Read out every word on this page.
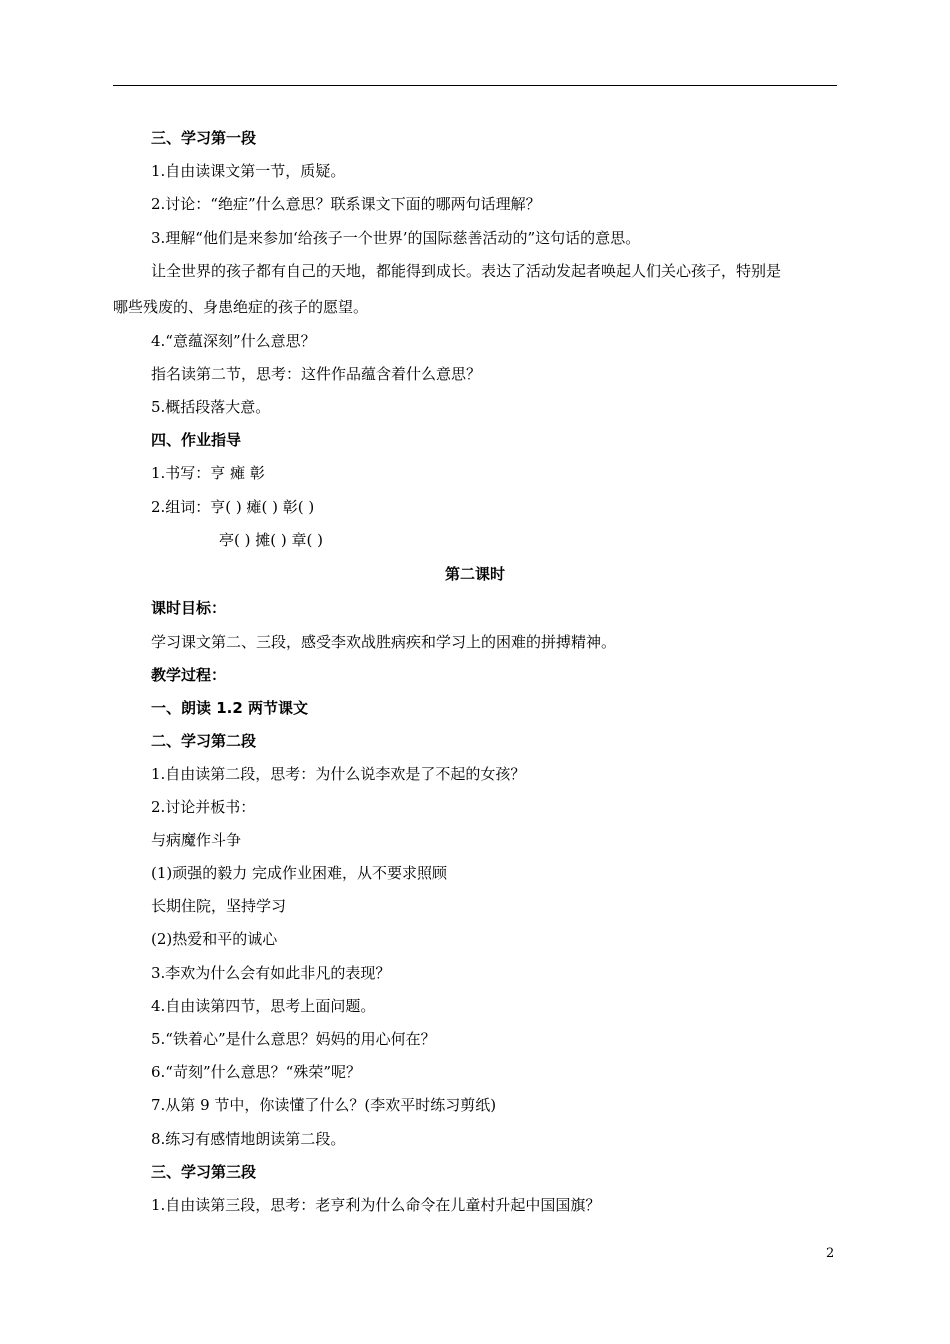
三、学习第一段
1.自由读课文第一节，质疑。
2.讨论：“绝症”什么意思？联系课文下面的哪两句话理解？
3.理解“他们是来参加‘给孩子一个世界’的国际慈善活动的”这句话的意思。
让全世界的孩子都有自己的天地，都能得到成长。表达了活动发起者唤起人们关心孩子，特别是
哪些残废的、身患绝症的孩子的愿望。
4.“意蕴深刻”什么意思？
指名读第二节，思考：这件作品蕴含着什么意思？
5.概括段落大意。
四、作业指导
1.书写：亨 瘫 彰
2.组词：亨( ) 瘫( ) 彰( )
亭( ) 摊( ) 章( )
第二课时
课时目标：
学习课文第二、三段，感受李欢战胜病疾和学习上的困难的拼搏精神。
教学过程：
一、朗读 1.2 两节课文
二、学习第二段
1.自由读第二段，思考：为什么说李欢是了不起的女孩？
2.讨论并板书：
与病魔作斗争
(1)顽强的毅力 完成作业困难，从不要求照顾
长期住院，坚持学习
(2)热爱和平的诚心
3.李欢为什么会有如此非凡的表现？
4.自由读第四节，思考上面问题。
5.“铁着心”是什么意思？妈妈的用心何在？
6.“苛刻”什么意思？“殊荣”呢？
7.从第 9 节中，你读懂了什么？(李欢平时练习剪纸)
8.练习有感情地朗读第二段。
三、学习第三段
1.自由读第三段，思考：老亨利为什么命令在儿童村升起中国国旗？
2
